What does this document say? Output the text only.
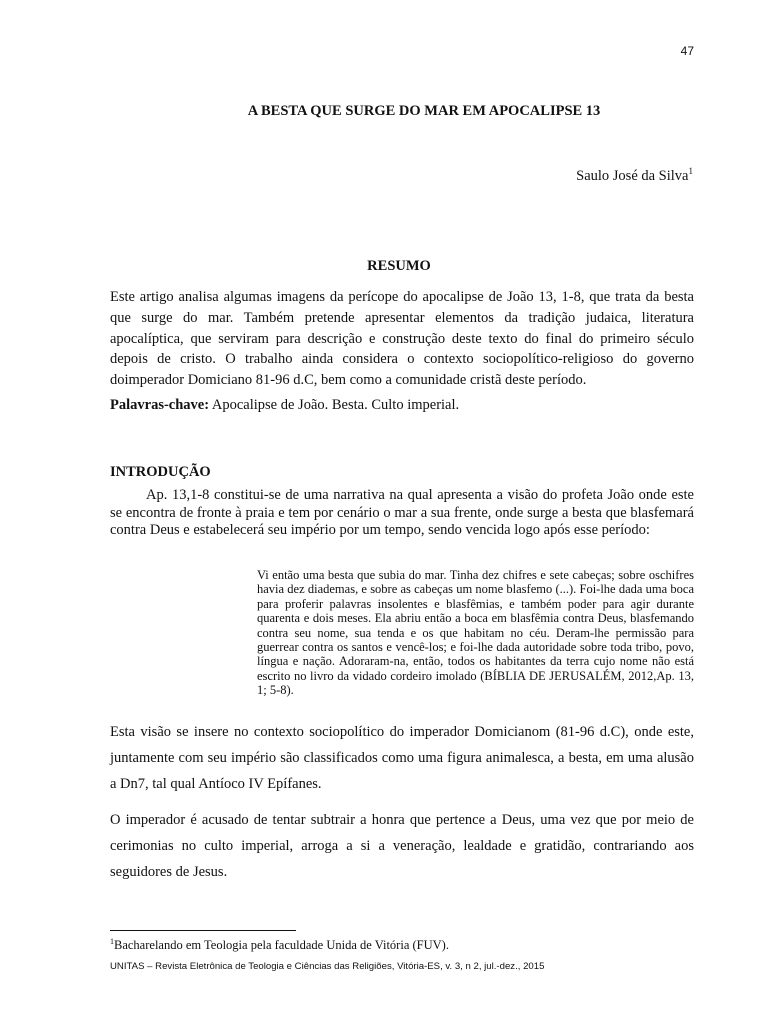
47
A BESTA QUE SURGE DO MAR EM APOCALIPSE 13
Saulo José da Silva$^1$
RESUMO
Este artigo analisa algumas imagens da perícope do apocalipse de João 13, 1-8, que trata da besta que surge do mar. Também pretende apresentar elementos da tradição judaica, literatura apocalíptica, que serviram para descrição e construção deste texto do final do primeiro século depois de cristo. O trabalho ainda considera o contexto sociopolítico-religioso do governo doimperador Domiciano 81-96 d.C, bem como a comunidade cristã deste período.
Palavras-chave: Apocalipse de João. Besta. Culto imperial.
INTRODUÇÃO
Ap. 13,1-8 constitui-se de uma narrativa na qual apresenta a visão do profeta João onde este se encontra de fronte à praia e tem por cenário o mar a sua frente, onde surge a besta que blasfemará contra Deus e estabelecerá seu império por um tempo, sendo vencida logo após esse período:
Vi então uma besta que subia do mar. Tinha dez chifres e sete cabeças; sobre oschifres havia dez diademas, e sobre as cabeças um nome blasfemo (...). Foi-lhe dada uma boca para proferir palavras insolentes e blasfêmias, e também poder para agir durante quarenta e dois meses. Ela abriu então a boca em blasfêmia contra Deus, blasfemando contra seu nome, sua tenda e os que habitam no céu. Deram-lhe permissão para guerrear contra os santos e vencê-los; e foi-lhe dada autoridade sobre toda tribo, povo, língua e nação. Adoraram-na, então, todos os habitantes da terra cujo nome não está escrito no livro da vidado cordeiro imolado (BÍBLIA DE JERUSALÉM, 2012,Ap. 13, 1; 5-8).
Esta visão se insere no contexto sociopolítico do imperador Domicianom (81-96 d.C), onde este, juntamente com seu império são classificados como uma figura animalesca, a besta, em uma alusão a Dn7, tal qual Antíoco IV Epífanes.
O imperador é acusado de tentar subtrair a honra que pertence a Deus, uma vez que por meio de cerimonias no culto imperial, arroga a si a veneração, lealdade e gratidão, contrariando aos seguidores de Jesus.
$^1$Bacharelando em Teologia pela faculdade Unida de Vitória (FUV).
UNITAS – Revista Eletrônica de Teologia e Ciências das Religiões, Vitória-ES, v. 3, n 2, jul.-dez., 2015
